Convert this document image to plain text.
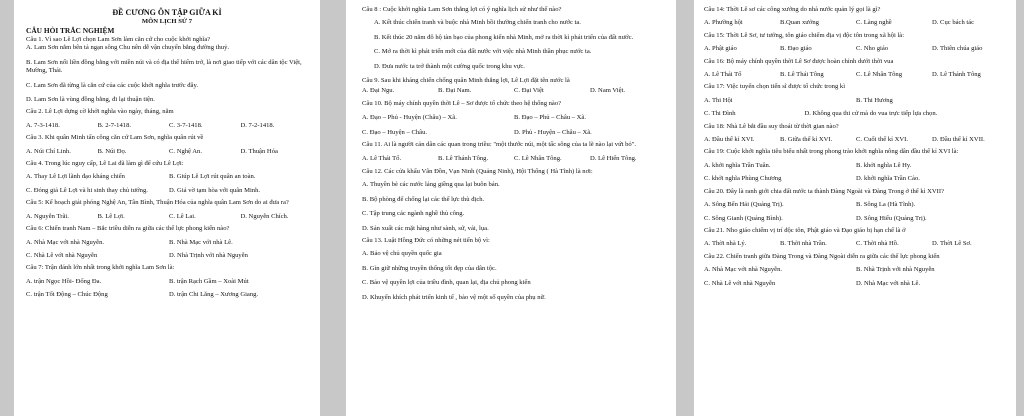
ĐỀ CƯƠNG ÔN TẬP GIỮA KÌ
MÔN LỊCH SỬ 7
CÂU HỎI TRẮC NGHIỆM

Câu 1. Vì sao Lê Lợi chọn Lam Sơn làm căn cứ cho cuộc khởi nghĩa?

A. Lam Sơn nằm bên tả ngạn sông Chu nên dễ vận chuyển bằng đường thuỷ.
B. Lam Sơn nối liền đồng bằng với miền núi và có địa thế hiểm trở, là nơi giao tiếp với các dân tộc Việt, Mường, Thái.
C. Lam Sơn đã từng là căn cứ của các cuộc khởi nghĩa trước đây.
D. Lam Sơn là vùng đồng bằng, đi lại thuận tiện.

Câu 2. Lê Lợi dựng cờ khởi nghĩa vào ngày, tháng, năm

A. 7-3-1418.	B. 2-7-1418.	C. 3-7-1418.	D. 7-2-1418.

Câu 3. Khi quân Minh tấn công căn cứ Lam Sơn, nghĩa quân rút về

A. Núi Chí Linh.	B. Núi Đọ.	C. Nghệ An.	D. Thuận Hóa

Câu 4. Trong lúc nguy cấp, Lê Lai đã làm gì để cứu Lê Lợi:

A. Thay Lê Lợi lãnh đạo kháng chiến	B. Giúp Lê Lợi rút quân an toàn.
C. Đóng giả Lê Lợi và hi sinh thay chủ tướng.	D. Giả vờ tạm hòa với quân Minh.

Câu 5: Kế hoạch giải phóng Nghệ An, Tân Bình, Thuận Hóa của nghĩa quân Lam Sơn do ai đưa ra?

A. Nguyễn Trãi.	B. Lê Lợi.	C. Lê Lai.	D. Nguyễn Chích.

Câu 6: Chiến tranh Nam – Bắc triều diễn ra giữa các thế lực phong kiến nào?

A. Nhà Mạc với nhà Nguyễn.	B. Nhà Mạc với nhà Lê.
C. Nhà Lê với nhà Nguyễn	D. Nhà Trịnh với nhà Nguyễn

Câu 7: Trận đánh lớn nhất trong khởi nghĩa Lam Sơn là:

A. trận Ngọc Hồi- Đống Đa.	B. trận Rạch Gầm – Xoài Mút
C. trận Tốt Động – Chúc Động	D. trận Chi Lăng – Xương Giang.

Câu 8 : Cuộc khởi nghĩa Lam Sơn thắng lợi có ý nghĩa lịch sử như thế nào?

A. Kết thúc chiến tranh và buộc nhà Minh bồi thường chiến tranh cho nước ta.
B. Kết thúc 20 năm đô hộ tàn bạo của phong kiến nhà Minh, mở ra thời kì phát triển của đất nước.
C. Mở ra thời kì phát triển mới của đất nước với việc nhà Minh thần phục nước ta.
D. Đưa nước ta trở thành một cường quốc trong khu vực.

Câu 9. Sau khi kháng chiến chống quân Minh thắng lợi, Lê Lợi đặt tên nước là

A. Đại Ngu.	B. Đại Nam.	C. Đại Việt	D. Nam Việt.

Câu 10. Bộ máy chính quyền thời Lê – Sơ được tổ chức theo hệ thống nào?

A. Đạo – Phủ - Huyện (Châu) – Xã.	B. Đạo – Phủ – Châu – Xã.
C. Đạo – Huyện – Châu.	D. Phủ - Huyện – Châu – Xã.

Câu 11. Ai là người cản dân các quan trong triều: "một thước núi, một tấc sông của ta lẽ nào lại vứt bỏ".

A. Lê Thái Tổ.	B. Lê Thánh Tông.	C. Lê Nhân Tông.	D. Lê Hiển Tông.

Câu 12. Các cửa khẩu Vân Đồn, Vạn Ninh (Quảng Ninh), Hội Thống ( Hà Tĩnh) là nơi:

A. Thuyền bè các nước láng giềng qua lại buôn bán.
B. Bộ phòng để chống lại các thế lực thù địch.
C. Tập trung các ngành nghề thủ công.
D. Sản xuất các mặt hàng như sành, sứ, vải, lụa.

Câu 13. Luật Hồng Đức có những nét tiến bộ vì:

A. Bảo vệ chủ quyền quốc gia
B. Gìn giữ những truyền thống tốt đẹp của dân tộc.
C. Bảo vệ quyền lợi của triều đình, quan lại, địa chủ phong kiến
D. Khuyến khích phát triển kinh tế , bảo vệ một số quyền của phụ nữ.

Câu 14: Thời Lê sơ các công xưởng do nhà nước quản lý gọi là gì?

A. Phường hội	B.Quan xưởng	C. Làng nghề	D. Cục bách tác

Câu 15: Thời Lê Sơ, tư tưởng, tôn giáo chiếm địa vị độc tôn trong xã hội là:

A. Phật giáo	B. Đạo giáo	C. Nho giáo	D. Thiên chúa giáo

Câu 16: Bộ máy chính quyền thời Lê Sơ được hoàn chỉnh dưới thời vua

A. Lê Thái Tổ	B. Lê Thái Tông	C. Lê Nhân Tông	D. Lê Thánh Tông

Câu 17: Việc tuyển chọn tiến sĩ được tổ chức trong kì

A. Thi Hội	B. Thi Hương
C. Thi Đình	D. Không qua thi cử mà do vua trực tiếp lựa chọn.

Câu 18: Nhà Lê bắt đầu suy thoái từ thời gian nào?

A. Đầu thế kỉ XVI.	B. Giữa thế kỉ XVI.	C. Cuối thế kỉ XVI.	D. Đầu thế kỉ XVII.

Câu 19: Cuộc khởi nghĩa tiêu biểu nhất trong phong trào khởi nghĩa nông dân đầu thế kỉ XVI là:

A. khởi nghĩa Trần Tuân.	B. khởi nghĩa Lê Hy.
C. khởi nghĩa Phùng Chương	D. khởi nghĩa Trần Cảo.

Câu 20. Đây là ranh giới chia đất nước ta thành Đàng Ngoài và Đàng Trong ở thế kỉ XVII?

A. Sông Bến Hải (Quảng Trị).	B. Sông La (Hà Tĩnh).
C. Sông Gianh (Quảng Bình).	D. Sông Hiếu (Quảng Trị).

Câu 21. Nho giáo chiếm vị trí độc tôn, Phật giáo và Đạo giáo bị hạn chế là ở

A. Thời nhà Lý.	B. Thời nhà Trần.	C. Thời nhà Hồ.	D. Thời Lê Sơ.

Câu 22. Chiến tranh giữa Đàng Trong và Đàng Ngoài diễn ra giữa các thế lực phong kiến

A. Nhà Mạc với nhà Nguyễn.	B. Nhà Trịnh với nhà Nguyễn
C. Nhà Lê với nhà Nguyễn	D. Nhà Mạc với nhà Lê.
